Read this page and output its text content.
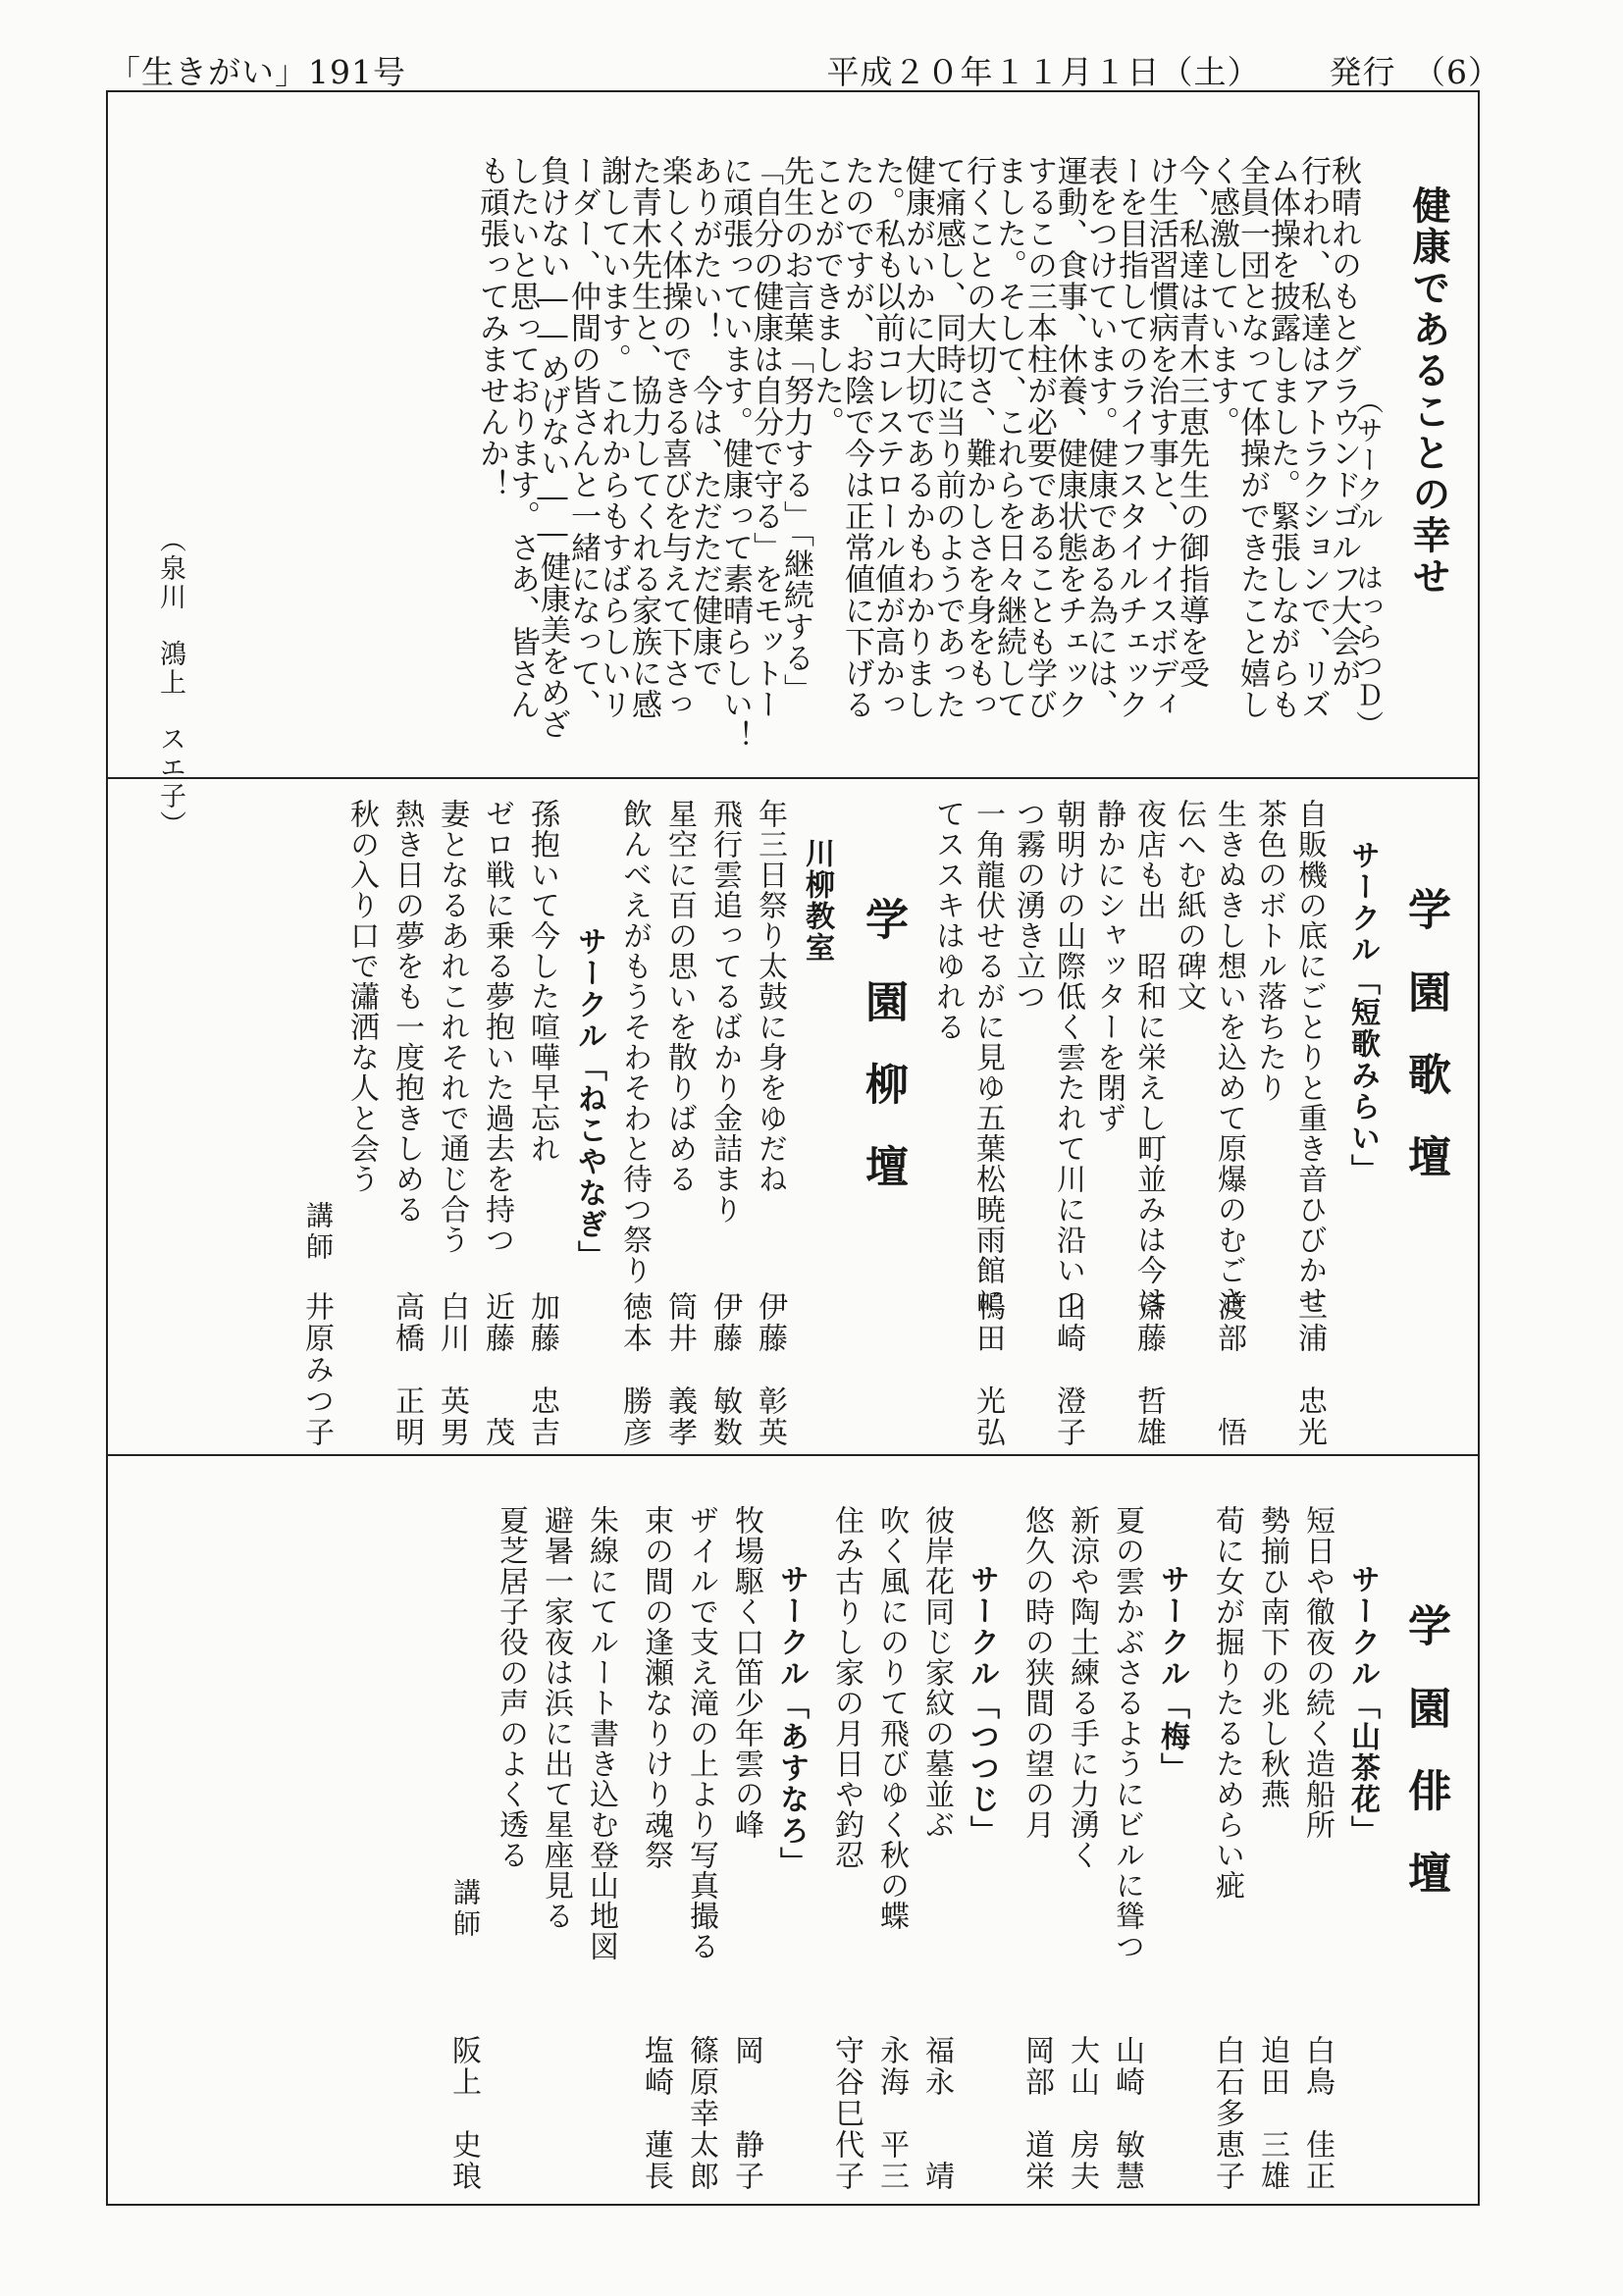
「生きがい」191号	平成２０年１１月１日（土） 発行　（6）
健康であることの幸せ
（サークル　はっらつＤ）
秋晴れのもとグラウンドゴルフ大会が
行われ、私達はアトラクションで、リズ
ム体操を披露しました。緊張しながらも
全員一団となって体操ができたこと嬉し
く感激しています。
今、私達は青木三恵先生の御指導を受
け生活習慣病を治す事と、ナイスボディ
ーを目指してのライフスタイルチェック
表をつけています。健康である為には、
運動、食事、休養、健康状態をチェック
するこの三本柱が必要であることも学び
ました。そして、これらを日々継続して
行くことの大切さ、難かしさを身をもっ
て痛感し、同時に当り前のようであった
健康がいかに大切であるかもわかりまし
た。私も以前コレステロール値が高かっ
たのですが、お陰で今は正常値に下げる
ことができました。
先生のお言葉「努力する」「継続する」
「自分の健康は自分で守る」をモットー
に頑張っています。健康って素晴らしい！
ありがたい！　今は、ただただ健康で
楽しく体操のできる喜びを与えて下さっ
た青木先生と、協力してくれる家族に感
謝しています。これからもすばらしいリ
ーダー、仲間の皆さんと一緒になって、
負けない――めげない――健康美をめざ
したいと思っております。さあ、皆さん
も頑張ってみませんか！
（泉川　鴻上　スエ子）
学園歌壇
サークル「短歌みらい」
自販機の底にごとりと重き音ひびかせ
茶色のボトル落ちたり
三浦　忠光
生きぬきし想いを込めて原爆のむごさ
伝へむ紙の碑文
渡部　　悟
夜店も出　昭和に栄えし町並みは今は
静かにシャッターを閉ず
斎藤　哲雄
朝明けの山際低く雲たれて川に沿いつ
つ霧の湧き立つ
山崎　澄子
一角龍伏せるがに見ゆ五葉松暁雨館に
てススキはゆれる
鴨田　光弘
学園柳壇
川柳教室
年三日祭り太鼓に身をゆだね
伊藤　彰英
飛行雲追ってるばかり金詰まり
伊藤　敏数
星空に百の思いを散りばめる
筒井　義孝
飲んべえがもうそわそわと待つ祭り
徳本　勝彦
サークル「ねこやなぎ」
孫抱いて今した喧嘩早忘れ
加藤　忠吉
ゼロ戦に乗る夢抱いた過去を持つ
近藤　　茂
妻となるあれこれそれで通じ合う
白川　英男
熱き日の夢をも一度抱きしめる
高橋　正明
秋の入り口で瀟洒な人と会う
講師
井原みつ子
学園俳壇
サークル「山茶花」
短日や徹夜の続く造船所
白鳥　佳正
勢揃ひ南下の兆し秋燕
迫田　三雄
荀に女が掘りたるためらい疵
白石多恵子
サークル「梅」
夏の雲かぶさるようにビルに聳つ
山崎　敏慧
新涼や陶土練る手に力湧く
大山　房夫
悠久の時の狭間の望の月
岡部　道栄
サークル「つつじ」
彼岸花同じ家紋の墓並ぶ
福永　　靖
吹く風にのりて飛びゆく秋の蝶
永海　平三
住み古りし家の月日や釣忍
守谷巳代子
サークル「あすなろ」
牧場駆く口笛少年雲の峰
岡　　静子
ザイルで支え滝の上より写真撮る
篠原幸太郎
束の間の逢瀬なりけり魂祭
塩崎　蓮長
朱線にてルート書き込む登山地図
避暑一家夜は浜に出て星座見る
夏芝居子役の声のよく透る
講師
阪上　史琅
